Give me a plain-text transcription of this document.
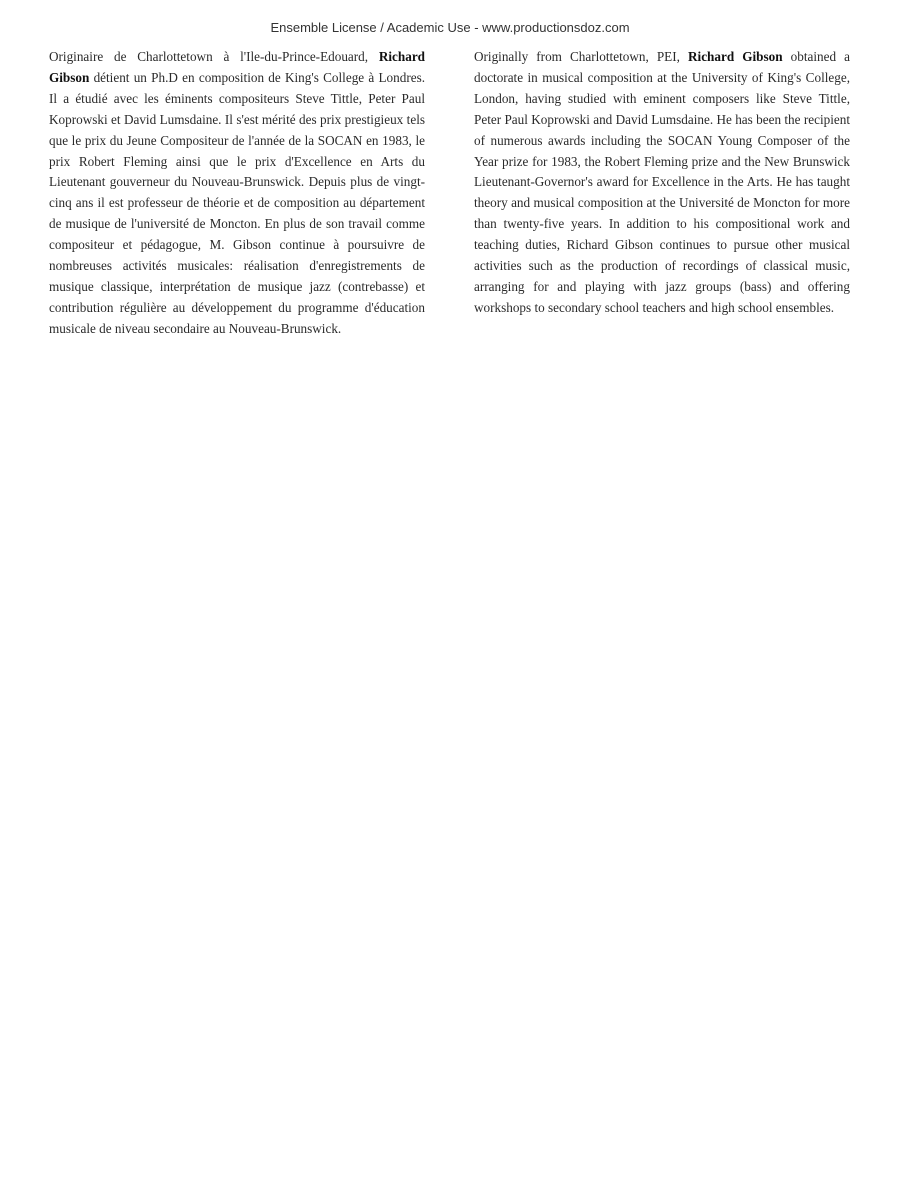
Ensemble License / Academic Use - www.productionsdoz.com

Originaire de Charlottetown à l'Ile-du-Prince-Edouard, Richard Gibson détient un Ph.D en composition de King's College à Londres. Il a étudié avec les éminents compositeurs Steve Tittle, Peter Paul Koprowski et David Lumsdaine. Il s'est mérité des prix prestigieux tels que le prix du Jeune Compositeur de l'année de la SOCAN en 1983, le prix Robert Fleming ainsi que le prix d'Excellence en Arts du Lieutenant gouverneur du Nouveau-Brunswick. Depuis plus de vingt-cinq ans il est professeur de théorie et de composition au département de musique de l'université de Moncton. En plus de son travail comme compositeur et pédagogue, M. Gibson continue à poursuivre de nombreuses activités musicales: réalisation d'enregistrements de musique classique, interprétation de musique jazz (contrebasse) et contribution régulière au développement du programme d'éducation musicale de niveau secondaire au Nouveau-Brunswick.

Originally from Charlottetown, PEI, Richard Gibson obtained a doctorate in musical composition at the University of King's College, London, having studied with eminent composers like Steve Tittle, Peter Paul Koprowski and David Lumsdaine. He has been the recipient of numerous awards including the SOCAN Young Composer of the Year prize for 1983, the Robert Fleming prize and the New Brunswick Lieutenant-Governor's award for Excellence in the Arts. He has taught theory and musical composition at the Université de Moncton for more than twenty-five years. In addition to his compositional work and teaching duties, Richard Gibson continues to pursue other musical activities such as the production of recordings of classical music, arranging for and playing with jazz groups (bass) and offering workshops to secondary school teachers and high school ensembles.
